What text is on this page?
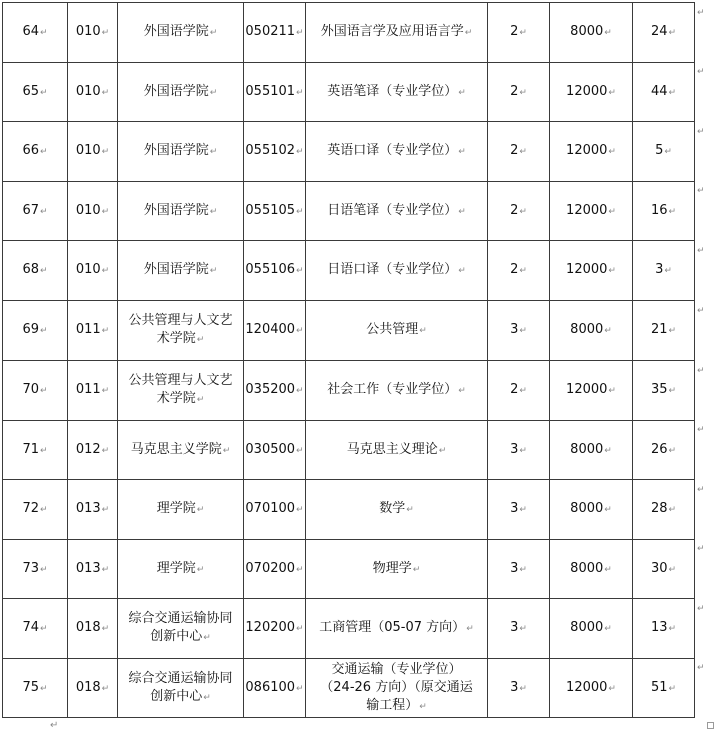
64↵	010↵	外国语学院↵	050211↵	外国语言学及应用语言学↵	2↵	8000↵	24↵
65↵	010↵	外国语学院↵	055101↵	英语笔译（专业学位）↵	2↵	12000↵	44↵
66↵	010↵	外国语学院↵	055102↵	英语口译（专业学位）↵	2↵	12000↵	5↵
67↵	010↵	外国语学院↵	055105↵	日语笔译（专业学位）↵	2↵	12000↵	16↵
68↵	010↵	外国语学院↵	055106↵	日语口译（专业学位）↵	2↵	12000↵	3↵
69↵	011↵	公共管理与人文艺术学院↵	120400↵	公共管理↵	3↵	8000↵	21↵
70↵	011↵	公共管理与人文艺术学院↵	035200↵	社会工作（专业学位）↵	2↵	12000↵	35↵
71↵	012↵	马克思主义学院↵	030500↵	马克思主义理论↵	3↵	8000↵	26↵
72↵	013↵	理学院↵	070100↵	数学↵	3↵	8000↵	28↵
73↵	013↵	理学院↵	070200↵	物理学↵	3↵	8000↵	30↵
74↵	018↵	综合交通运输协同创新中心↵	120200↵	工商管理（05-07 方向）↵	3↵	8000↵	13↵
75↵	018↵	综合交通运输协同创新中心↵	086100↵	交通运输（专业学位）（24-26 方向）（原交通运输工程）↵	3↵	12000↵	51↵
↵
↵
↵
↵
↵
↵
↵
↵
↵
↵
↵
↵
↵
